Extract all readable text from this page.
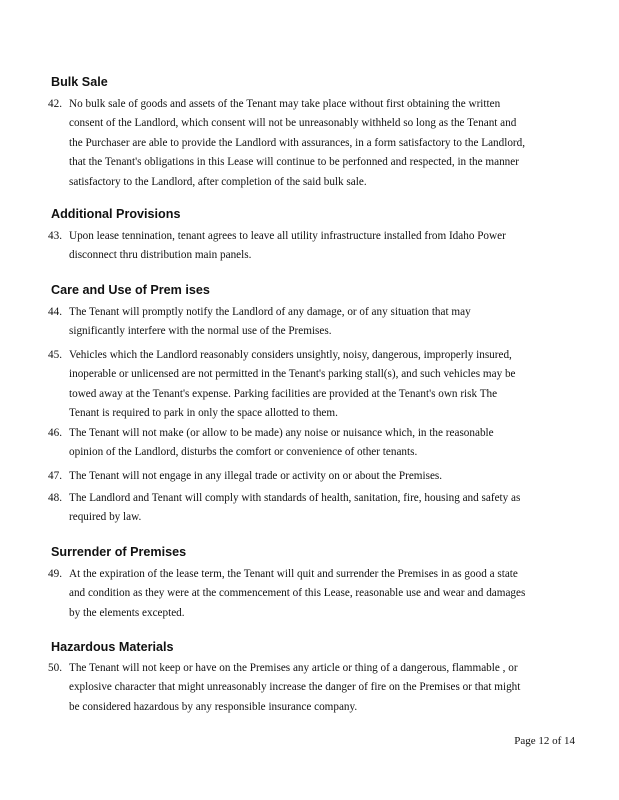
Bulk Sale
42. No bulk sale of goods and assets of the Tenant may take place without first obtaining the written
consent of the Landlord, which consent will not be unreasonably withheld so long as the Tenant and
the Purchaser are able to provide the Landlord with assurances, in a form satisfactory to the Landlord,
that the Tenant's obligations in this Lease will continue to be perfonned and respected, in the manner
satisfactory to the Landlord, after completion of the said bulk sale.
Additional Provisions
43. Upon lease tennination, tenant agrees to leave all utility infrastructure installed from Idaho Power
disconnect thru distribution main panels.
Care and Use of Prem ises
44. The Tenant will promptly notify the Landlord of any damage, or of any situation that may
significantly interfere with the normal use of the Premises.
45. Vehicles which the Landlord reasonably considers unsightly, noisy, dangerous, improperly insured,
inoperable or unlicensed are not permitted in the Tenant's parking stall(s), and such vehicles may be
towed away at the Tenant's expense. Parking facilities are provided at the Tenant's own risk The
Tenant is required to park in only the space allotted to them.
46. The Tenant will not make (or allow to be made) any noise or nuisance which, in the reasonable
opinion of the Landlord, disturbs the comfort or convenience of other tenants.
47. The Tenant will not engage in any illegal trade or activity on or about the Premises.
48. The Landlord and Tenant will comply with standards of health, sanitation, fire, housing and safety as
required by law.
Surrender of Premises
49. At the expiration of the lease term, the Tenant will quit and surrender the Premises in as good a state
and condition as they were at the commencement of this Lease, reasonable use and wear and damages
by the elements excepted.
Hazardous Materials
50. The Tenant will not keep or have on the Premises any article or thing of a dangerous, flammable , or
explosive character that might unreasonably increase the danger of fire on the Premises or that might
be considered hazardous by any responsible insurance company.
Page 12 of 14
